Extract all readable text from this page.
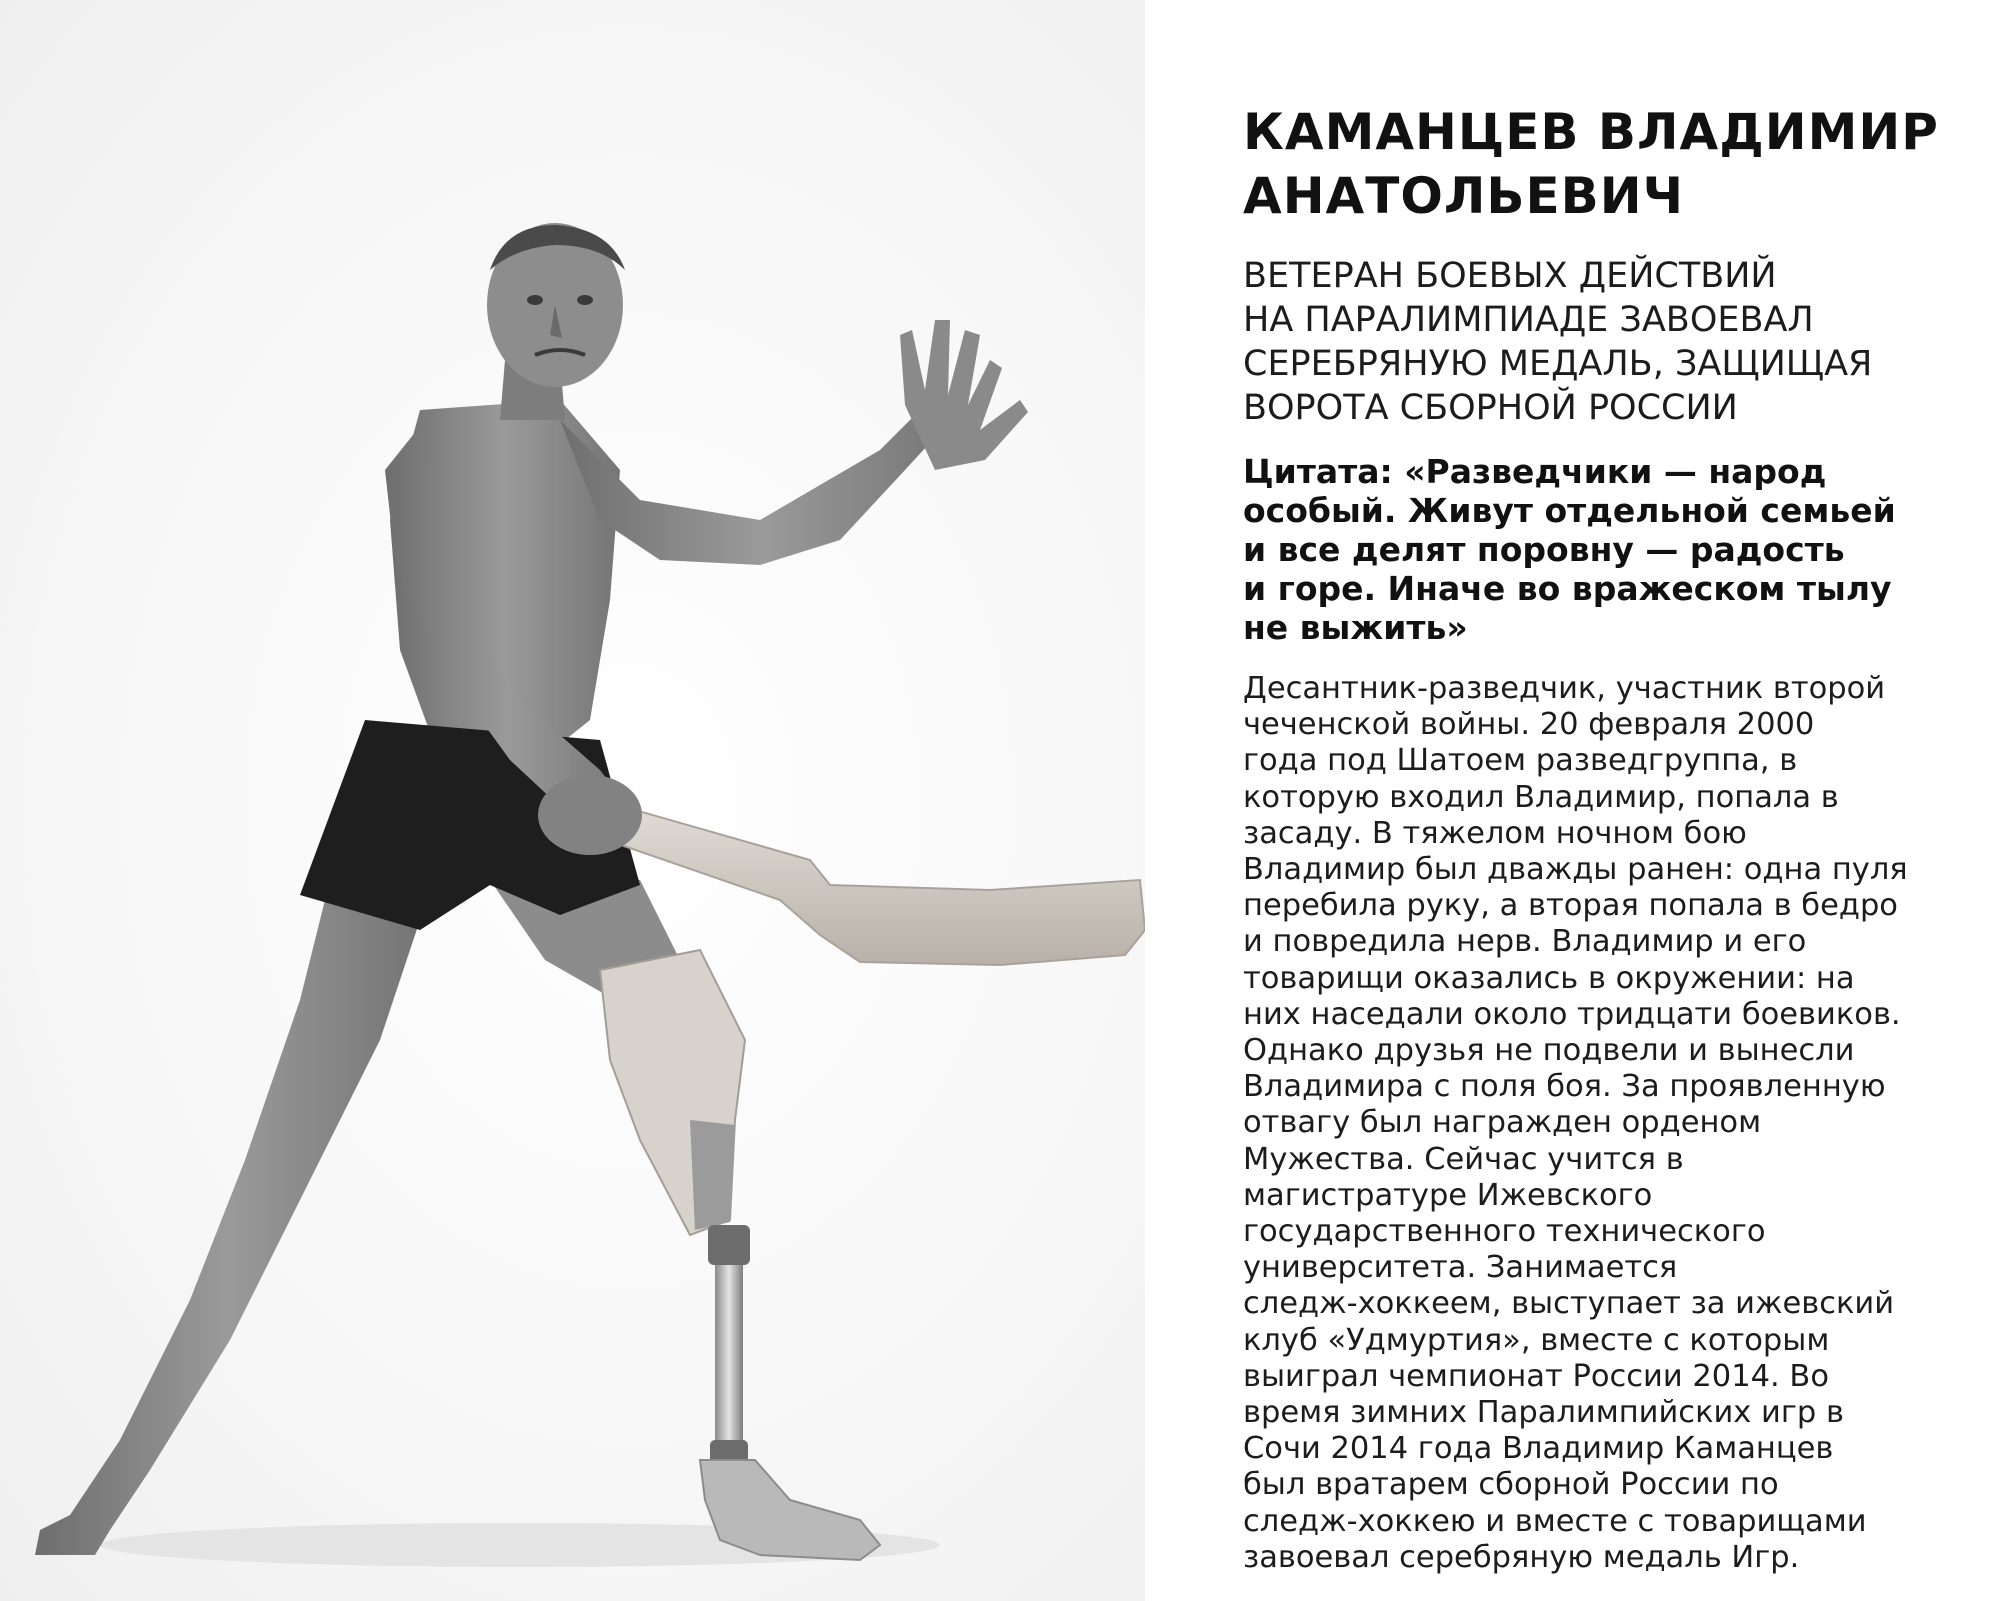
КАМАНЦЕВ ВЛАДИМИР
АНАТОЛЬЕВИЧ
ВЕТЕРАН БОЕВЫХ ДЕЙСТВИЙ
НА ПАРАЛИМПИАДЕ ЗАВОЕВАЛ
СЕРЕБРЯНУЮ МЕДАЛЬ, ЗАЩИЩАЯ
ВОРОТА СБОРНОЙ РОССИИ

Цитата: «Разведчики — народ
особый. Живут отдельной семьей
и все делят поровну — радость
и горе. Иначе во вражеском тылу
не выжить»

Десантник-разведчик, участник второй
чеченской войны. 20 февраля 2000
года под Шатоем разведгруппа, в
которую входил Владимир, попала в
засаду. В тяжелом ночном бою
Владимир был дважды ранен: одна пуля
перебила руку, а вторая попала в бедро
и повредила нерв. Владимир и его
товарищи оказались в окружении: на
них наседали около тридцати боевиков.
Однако друзья не подвели и вынесли
Владимира с поля боя. За проявленную
отвагу был награжден орденом
Мужества. Сейчас учится в
магистратуре Ижевского
государственного технического
университета. Занимается
следж-хоккеем, выступает за ижевский
клуб «Удмуртия», вместе с которым
выиграл чемпионат России 2014. Во
время зимних Паралимпийских игр в
Сочи 2014 года Владимир Каманцев
был вратарем сборной России по
следж-хоккею и вместе с товарищами
завоевал серебряную медаль Игр.
